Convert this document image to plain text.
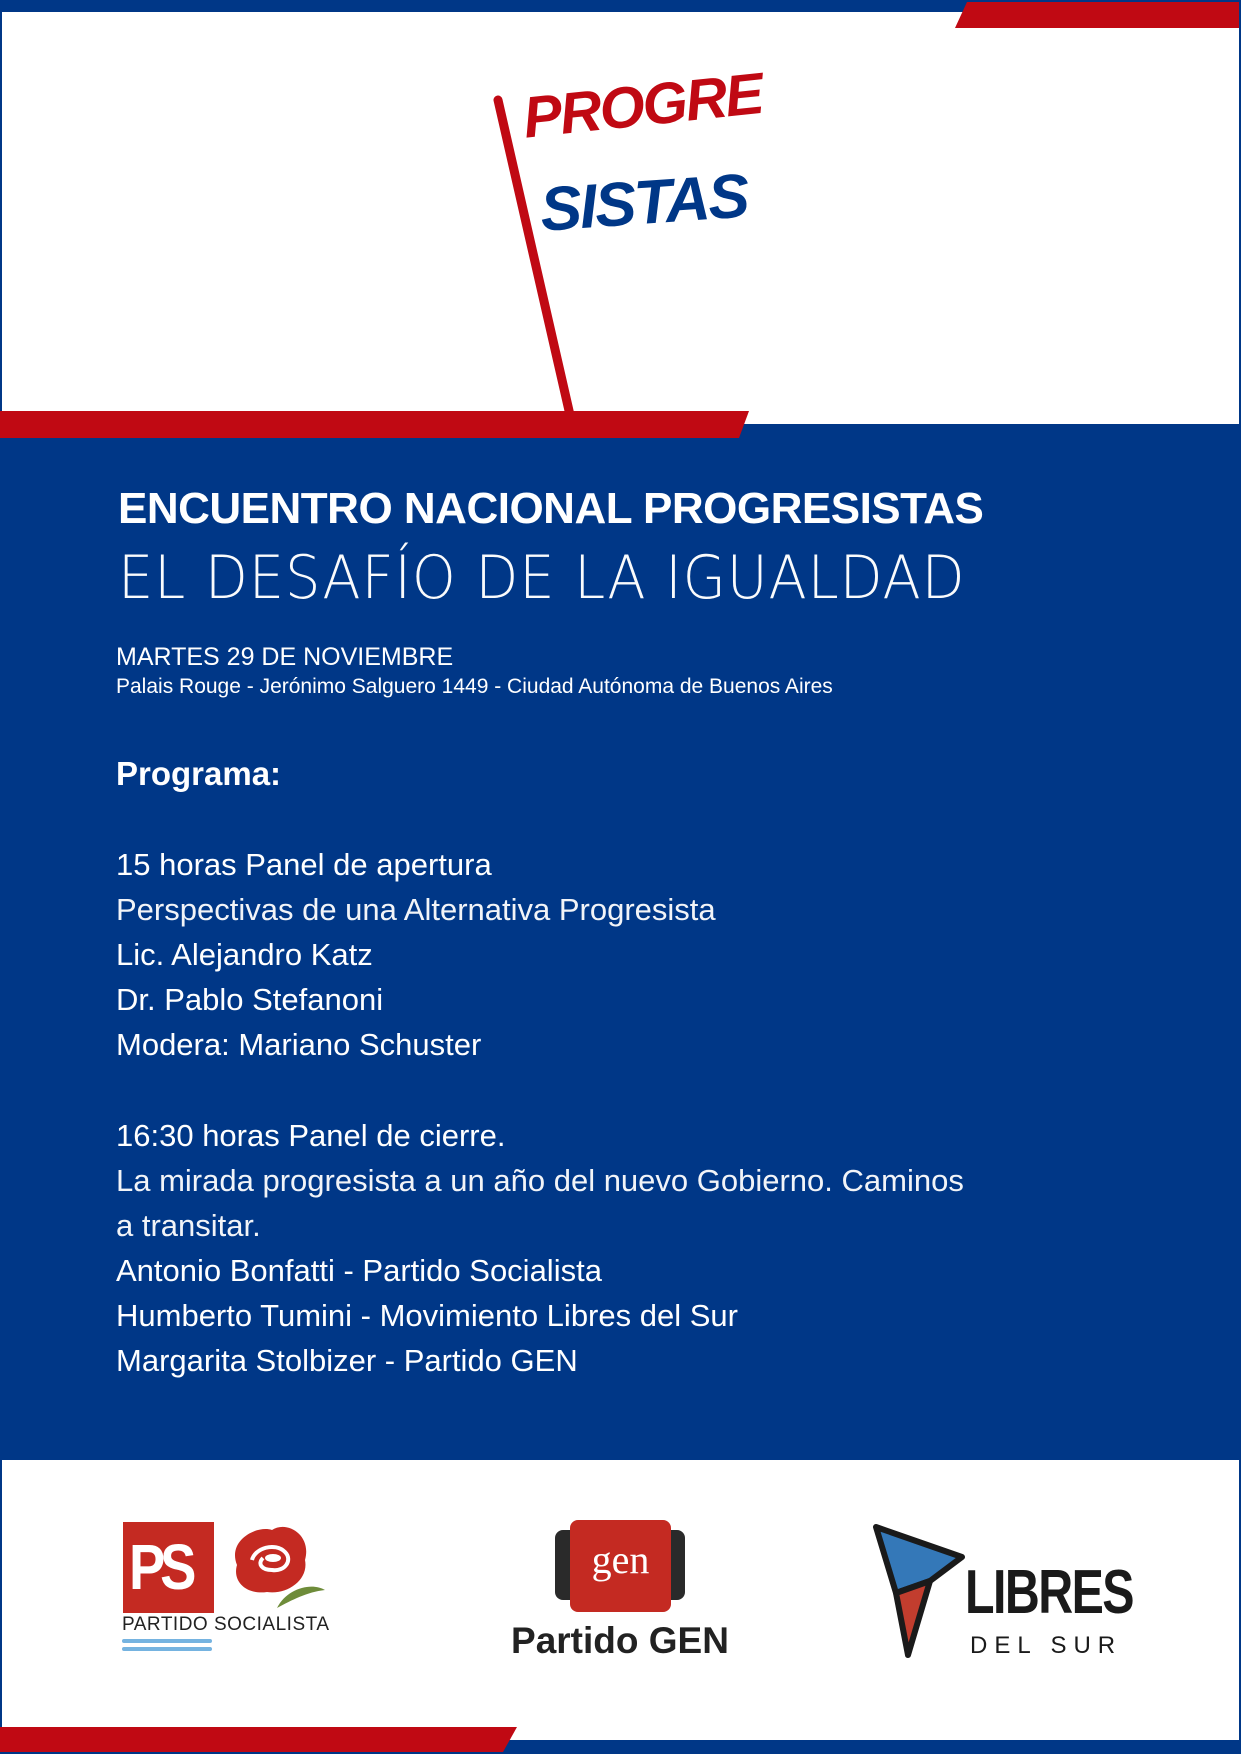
PROGRE
SISTAS
ENCUENTRO NACIONAL PROGRESISTAS
EL DESAFÍO DE LA IGUALDAD
MARTES 29 DE NOVIEMBRE
Palais Rouge - Jerónimo Salguero 1449 - Ciudad Autónoma de Buenos Aires
Programa:
15 horas Panel de apertura
Perspectivas de una Alternativa Progresista
Lic. Alejandro Katz
Dr. Pablo Stefanoni
Modera: Mariano Schuster
16:30 horas Panel de cierre.
La mirada progresista a un año del nuevo Gobierno. Caminos
a transitar.
Antonio Bonfatti - Partido Socialista
Humberto Tumini - Movimiento Libres del Sur
Margarita Stolbizer - Partido GEN
PS
PARTIDO SOCIALISTA
gen
Partido GEN
LIBRES
DEL SUR
